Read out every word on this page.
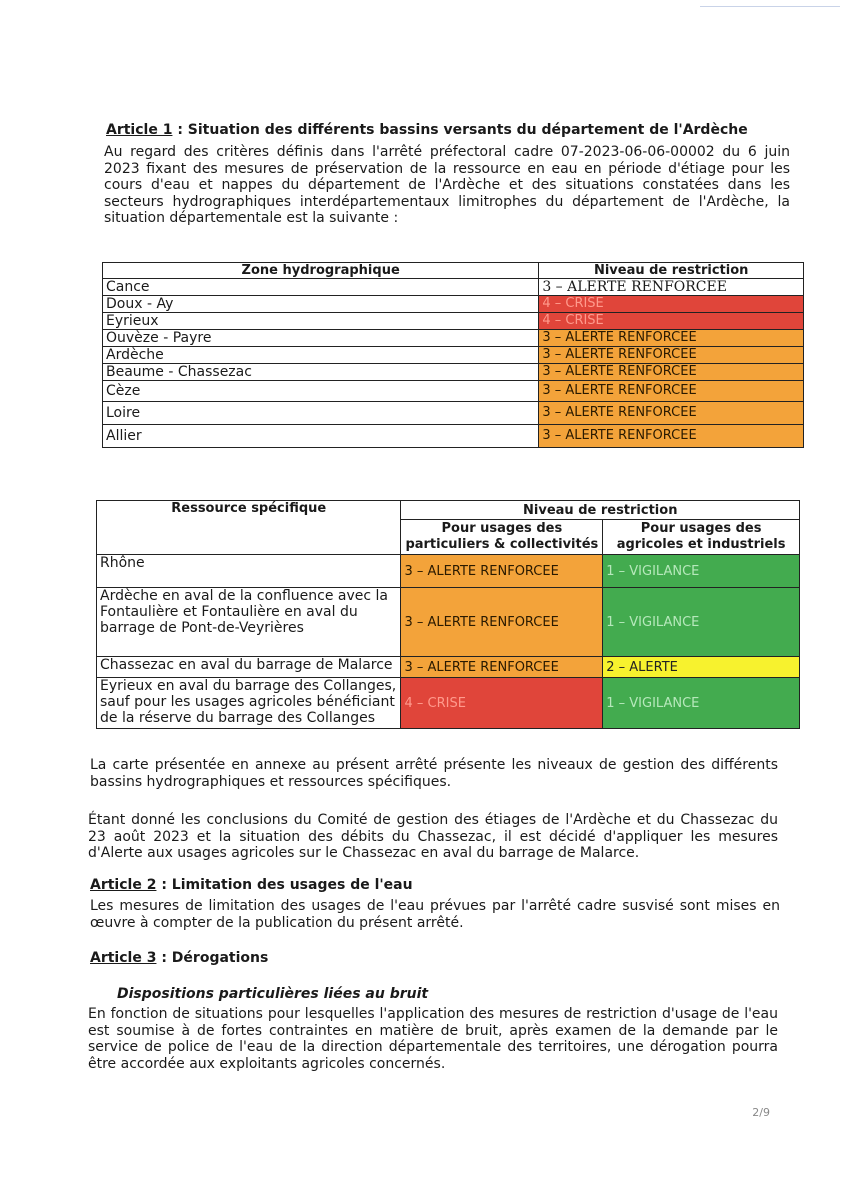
Article 1 : Situation des différents bassins versants du département de l'Ardèche
Au regard des critères définis dans l'arrêté préfectoral cadre 07-2023-06-06-00002 du 6 juin 2023 fixant des mesures de préservation de la ressource en eau en période d'étiage pour les cours d'eau et nappes du département de l'Ardèche et des situations constatées dans les secteurs hydrographiques interdépartementaux limitrophes du département de l'Ardèche, la situation départementale est la suivante :
Zone hydrographique	Niveau de restriction
Cance	3 – ALERTE RENFORCEE
Doux - Ay	4 – CRISE
Eyrieux	4 – CRISE
Ouvèze - Payre	3 – ALERTE RENFORCEE
Ardèche	3 – ALERTE RENFORCEE
Beaume - Chassezac	3 – ALERTE RENFORCEE
Cèze	3 – ALERTE RENFORCEE
Loire	3 – ALERTE RENFORCEE
Allier	3 – ALERTE RENFORCEE
Ressource spécifique	Niveau de restriction	
	Pour usages des particuliers & collectivités	Pour usages des agricoles et industriels
Rhône	3 – ALERTE RENFORCEE	1 – VIGILANCE
Ardèche en aval de la confluence avec la Fontaulière et Fontaulière en aval du barrage de Pont-de-Veyrières	3 – ALERTE RENFORCEE	1 – VIGILANCE
Chassezac en aval du barrage de Malarce	3 – ALERTE RENFORCEE	2 – ALERTE
Eyrieux en aval du barrage des Collanges, sauf pour les usages agricoles bénéficiant de la réserve du barrage des Collanges	4 – CRISE	1 – VIGILANCE
La carte présentée en annexe au présent arrêté présente les niveaux de gestion des différents bassins hydrographiques et ressources spécifiques.
Étant donné les conclusions du Comité de gestion des étiages de l'Ardèche et du Chassezac du 23 août 2023 et la situation des débits du Chassezac, il est décidé d'appliquer les mesures d'Alerte aux usages agricoles sur le Chassezac en aval du barrage de Malarce.
Article 2 : Limitation des usages de l'eau
Les mesures de limitation des usages de l'eau prévues par l'arrêté cadre susvisé sont mises en œuvre à compter de la publication du présent arrêté.
Article 3 : Dérogations
Dispositions particulières liées au bruit
En fonction de situations pour lesquelles l'application des mesures de restriction d'usage de l'eau est soumise à de fortes contraintes en matière de bruit, après examen de la demande par le service de police de l'eau de la direction départementale des territoires, une dérogation pourra être accordée aux exploitants agricoles concernés.
2/9
